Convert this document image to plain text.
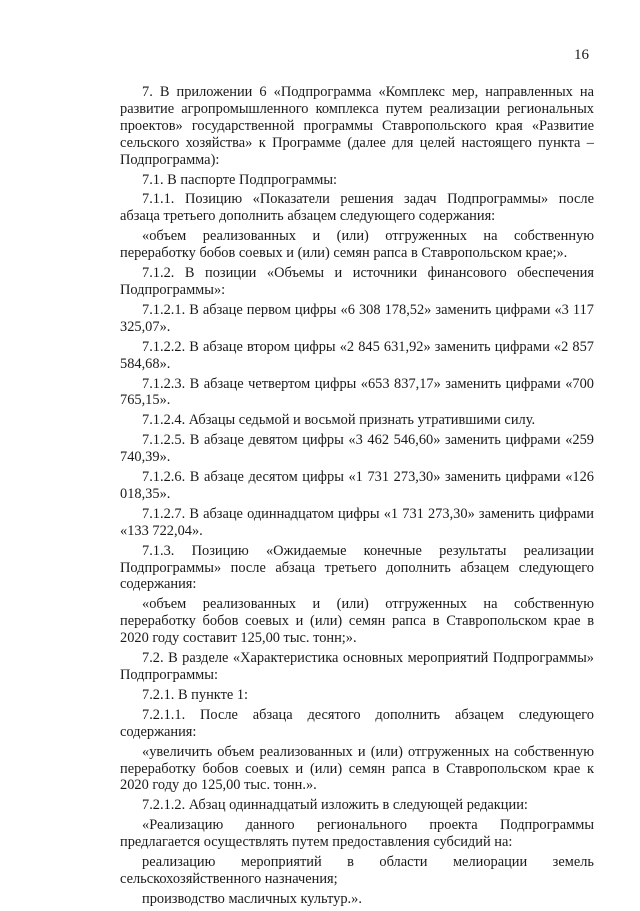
16

7. В приложении 6 «Подпрограмма «Комплекс мер, направленных на развитие агропромышленного комплекса путем реализации региональных проектов» государственной программы Ставропольского края «Развитие сельского хозяйства» к Программе (далее для целей настоящего пункта – Подпрограмма):

7.1. В паспорте Подпрограммы:

7.1.1. Позицию «Показатели решения задач Подпрограммы» после абзаца третьего дополнить абзацем следующего содержания:

«объем реализованных и (или) отгруженных на собственную переработку бобов соевых и (или) семян рапса в Ставропольском крае;».

7.1.2. В позиции «Объемы и источники финансового обеспечения Подпрограммы»:

7.1.2.1. В абзаце первом цифры «6 308 178,52» заменить цифрами «3 117 325,07».

7.1.2.2. В абзаце втором цифры «2 845 631,92» заменить цифрами «2 857 584,68».

7.1.2.3. В абзаце четвертом цифры «653 837,17» заменить цифрами «700 765,15».

7.1.2.4. Абзацы седьмой и восьмой признать утратившими силу.

7.1.2.5. В абзаце девятом цифры «3 462 546,60» заменить цифрами «259 740,39».

7.1.2.6. В абзаце десятом цифры «1 731 273,30» заменить цифрами «126 018,35».

7.1.2.7. В абзаце одиннадцатом цифры «1 731 273,30» заменить цифрами «133 722,04».

7.1.3. Позицию «Ожидаемые конечные результаты реализации Подпрограммы» после абзаца третьего дополнить абзацем следующего содержания:

«объем реализованных и (или) отгруженных на собственную переработку бобов соевых и (или) семян рапса в Ставропольском крае в 2020 году составит 125,00 тыс. тонн;».

7.2. В разделе «Характеристика основных мероприятий Подпрограммы» Подпрограммы:

7.2.1. В пункте 1:

7.2.1.1. После абзаца десятого дополнить абзацем следующего содержания:

«увеличить объем реализованных и (или) отгруженных на собственную переработку бобов соевых и (или) семян рапса в Ставропольском крае к 2020 году до 125,00 тыс. тонн.».

7.2.1.2. Абзац одиннадцатый изложить в следующей редакции:

«Реализацию данного регионального проекта Подпрограммы предлагается осуществлять путем предоставления субсидий на:

реализацию мероприятий в области мелиорации земель сельскохозяйственного назначения;

производство масличных культур.».
